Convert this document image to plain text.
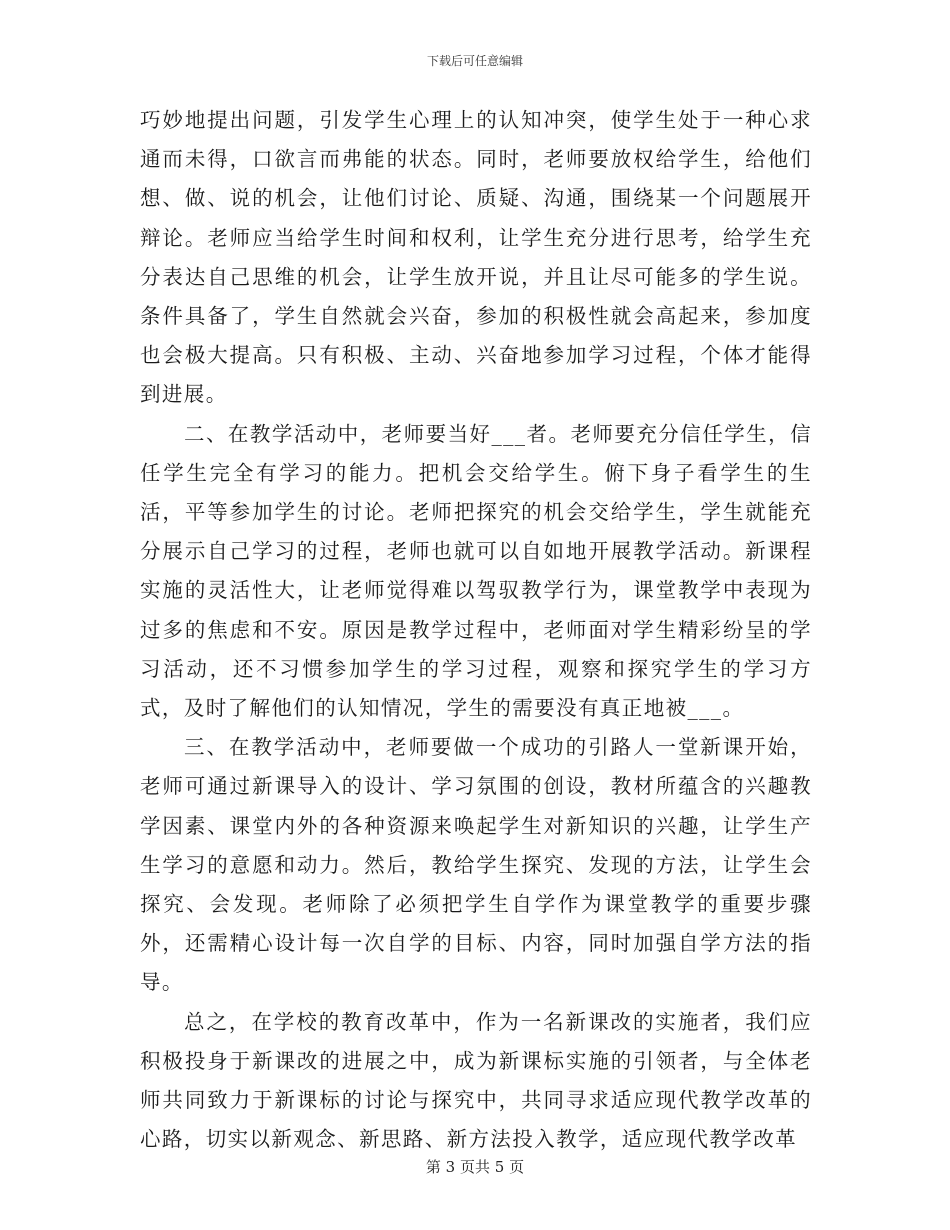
下载后可任意编辑

巧妙地提出问题，引发学生心理上的认知冲突，使学生处于一种心求通而未得，口欲言而弗能的状态。同时，老师要放权给学生，给他们想、做、说的机会，让他们讨论、质疑、沟通，围绕某一个问题展开辩论。老师应当给学生时间和权利，让学生充分进行思考，给学生充分表达自己思维的机会，让学生放开说，并且让尽可能多的学生说。条件具备了，学生自然就会兴奋，参加的积极性就会高起来，参加度也会极大提高。只有积极、主动、兴奋地参加学习过程，个体才能得到进展。

二、在教学活动中，老师要当好___者。老师要充分信任学生，信任学生完全有学习的能力。把机会交给学生。俯下身子看学生的生活，平等参加学生的讨论。老师把探究的机会交给学生，学生就能充分展示自己学习的过程，老师也就可以自如地开展教学活动。新课程实施的灵活性大，让老师觉得难以驾驭教学行为，课堂教学中表现为过多的焦虑和不安。原因是教学过程中，老师面对学生精彩纷呈的学习活动，还不习惯参加学生的学习过程，观察和探究学生的学习方式，及时了解他们的认知情况，学生的需要没有真正地被___。

三、在教学活动中，老师要做一个成功的引路人一堂新课开始，老师可通过新课导入的设计、学习氛围的创设，教材所蕴含的兴趣教学因素、课堂内外的各种资源来唤起学生对新知识的兴趣，让学生产生学习的意愿和动力。然后，教给学生探究、发现的方法，让学生会探究、会发现。老师除了必须把学生自学作为课堂教学的重要步骤外，还需精心设计每一次自学的目标、内容，同时加强自学方法的指导。

总之，在学校的教育改革中，作为一名新课改的实施者，我们应积极投身于新课改的进展之中，成为新课标实施的引领者，与全体老师共同致力于新课标的讨论与探究中，共同寻求适应现代教学改革的心路，切实以新观念、新思路、新方法投入教学，适应现代教学改革

第 3 页共 5 页
